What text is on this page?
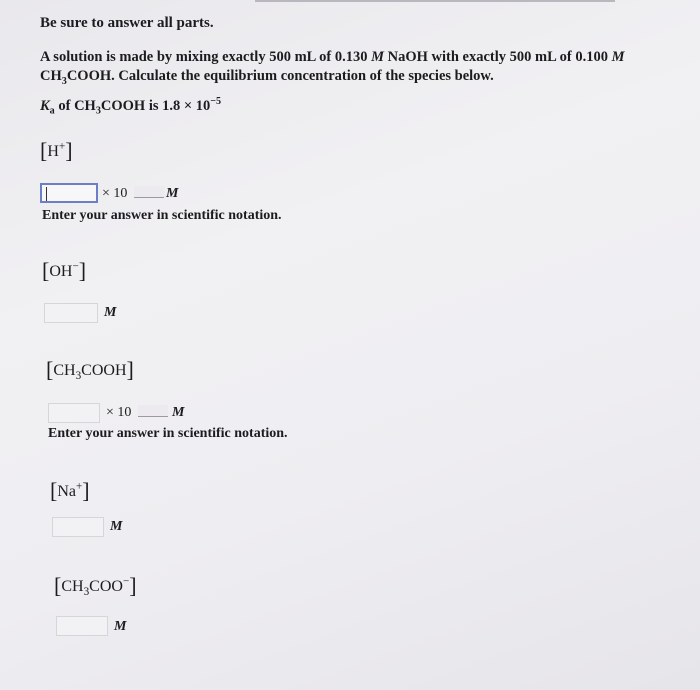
Be sure to answer all parts.
A solution is made by mixing exactly 500 mL of 0.130 M NaOH with exactly 500 mL of 0.100 M
$CH_3COOH$. Calculate the equilibrium concentration of the species below.
$K_a$ of $CH_3COOH$ is $1.8 \times 10^{-5}$
[H+]
× 10	M
Enter your answer in scientific notation.
[OH−]
M
$[CH_3COOH]$
× 10	M
Enter your answer in scientific notation.
[Na+]
M
$[CH_3COO^-]$
M
